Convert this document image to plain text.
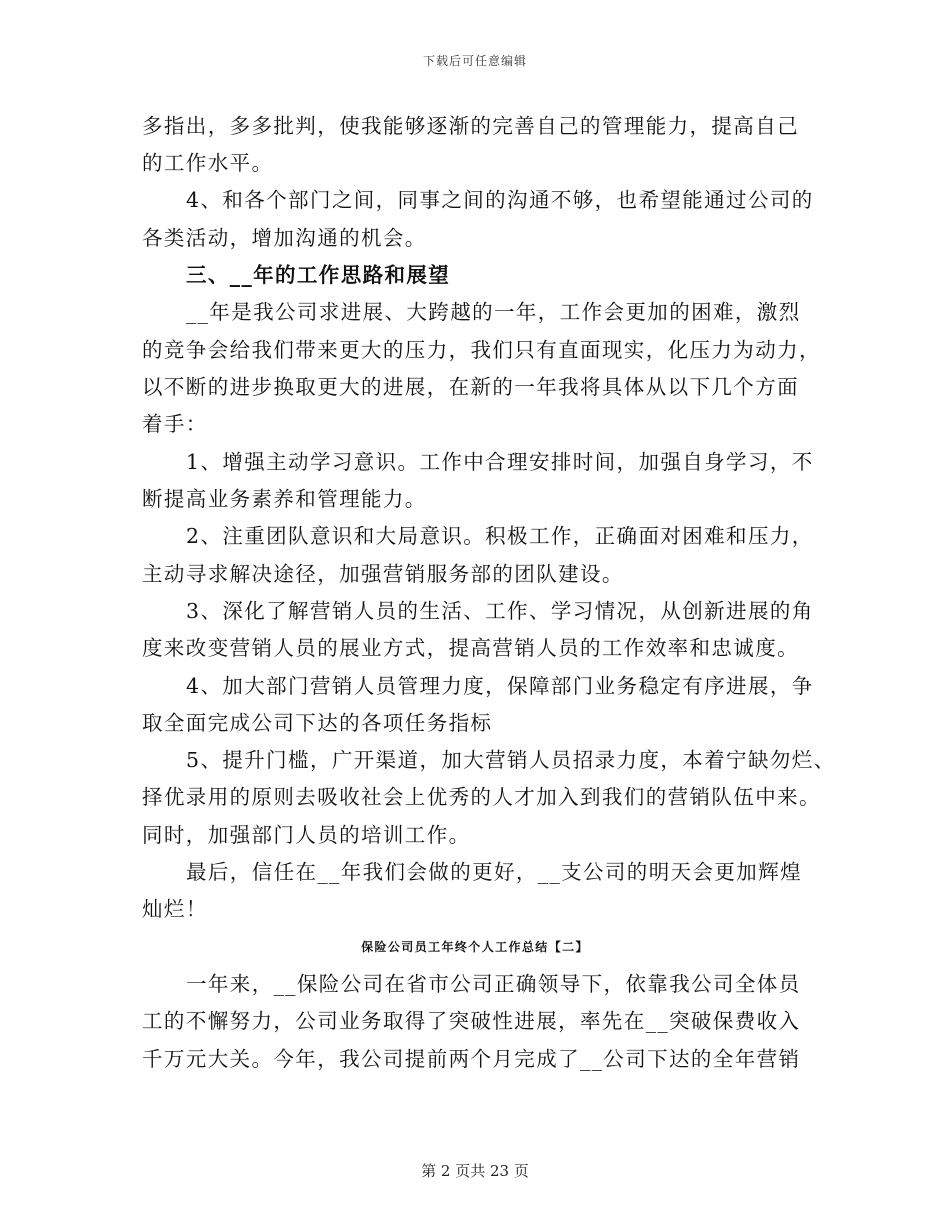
下载后可任意编辑
多指出，多多批判，使我能够逐渐的完善自己的管理能力，提高自己
的工作水平。
4、和各个部门之间，同事之间的沟通不够，也希望能通过公司的
各类活动，增加沟通的机会。
三、__年的工作思路和展望
__年是我公司求进展、大跨越的一年，工作会更加的困难，激烈
的竞争会给我们带来更大的压力，我们只有直面现实，化压力为动力，
以不断的进步换取更大的进展，在新的一年我将具体从以下几个方面
着手：
1、增强主动学习意识。工作中合理安排时间，加强自身学习，不
断提高业务素养和管理能力。
2、注重团队意识和大局意识。积极工作，正确面对困难和压力，
主动寻求解决途径，加强营销服务部的团队建设。
3、深化了解营销人员的生活、工作、学习情况，从创新进展的角
度来改变营销人员的展业方式，提高营销人员的工作效率和忠诚度。
4、加大部门营销人员管理力度，保障部门业务稳定有序进展，争
取全面完成公司下达的各项任务指标
5、提升门槛，广开渠道，加大营销人员招录力度，本着宁缺勿烂、
择优录用的原则去吸收社会上优秀的人才加入到我们的营销队伍中来。
同时，加强部门人员的培训工作。
最后，信任在__年我们会做的更好，__支公司的明天会更加辉煌
灿烂！
保险公司员工年终个人工作总结【二】
一年来，__保险公司在省市公司正确领导下，依靠我公司全体员
工的不懈努力，公司业务取得了突破性进展，率先在__突破保费收入
千万元大关。今年，我公司提前两个月完成了__公司下达的全年营销
第 2 页共 23 页
